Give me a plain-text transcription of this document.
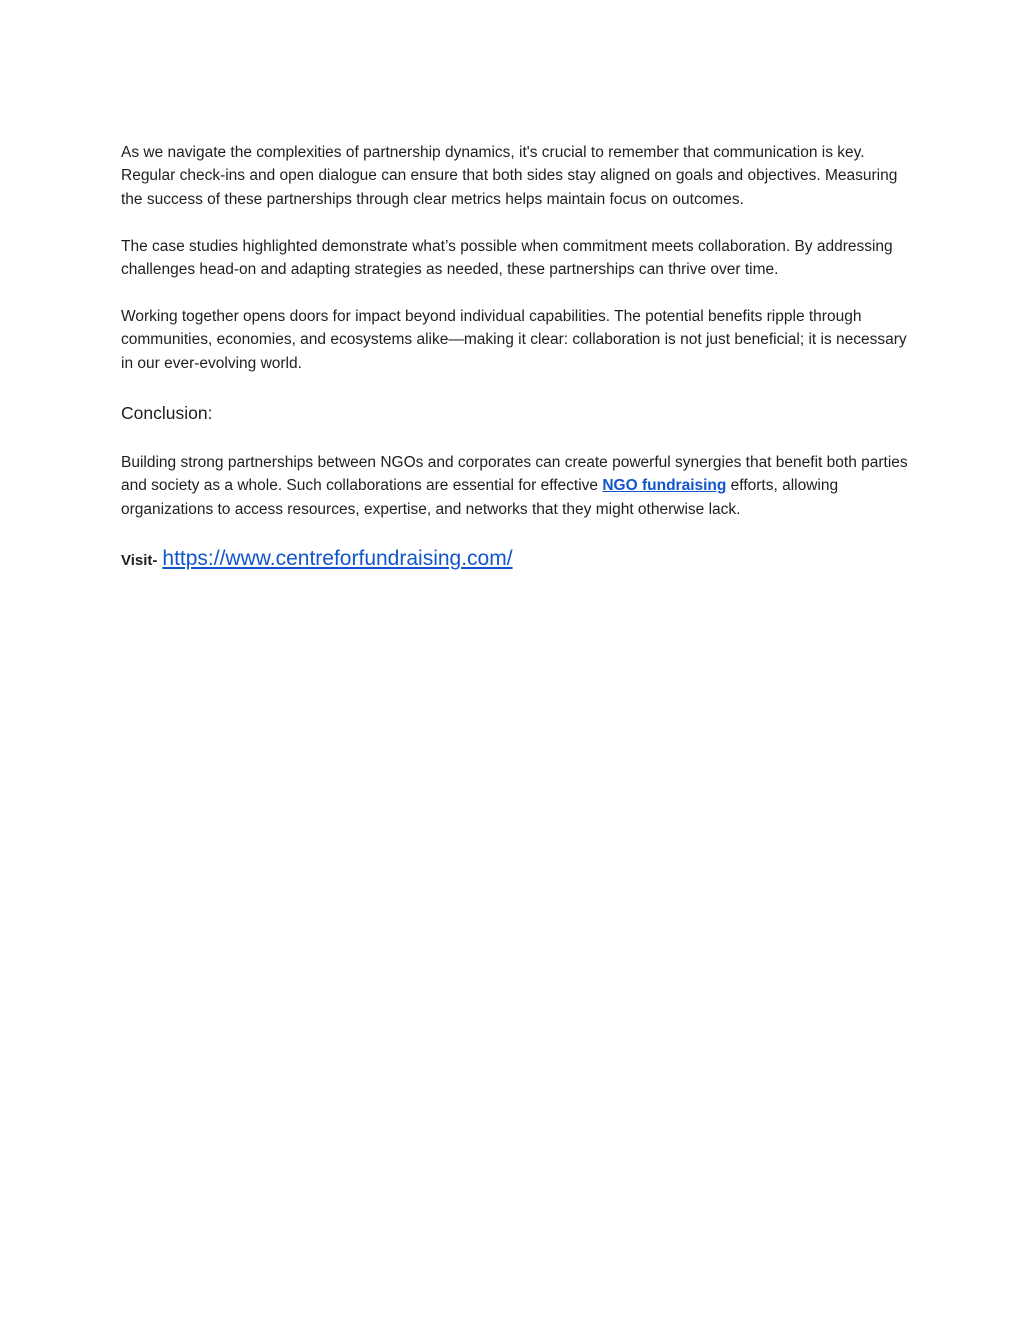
As we navigate the complexities of partnership dynamics, it's crucial to remember that communication is key. Regular check-ins and open dialogue can ensure that both sides stay aligned on goals and objectives. Measuring the success of these partnerships through clear metrics helps maintain focus on outcomes.

The case studies highlighted demonstrate what’s possible when commitment meets collaboration. By addressing challenges head-on and adapting strategies as needed, these partnerships can thrive over time.

Working together opens doors for impact beyond individual capabilities. The potential benefits ripple through communities, economies, and ecosystems alike—making it clear: collaboration is not just beneficial; it is necessary in our ever-evolving world.

Conclusion:

Building strong partnerships between NGOs and corporates can create powerful synergies that benefit both parties and society as a whole. Such collaborations are essential for effective NGO fundraising efforts, allowing organizations to access resources, expertise, and networks that they might otherwise lack.

Visit- https://www.centreforfundraising.com/
